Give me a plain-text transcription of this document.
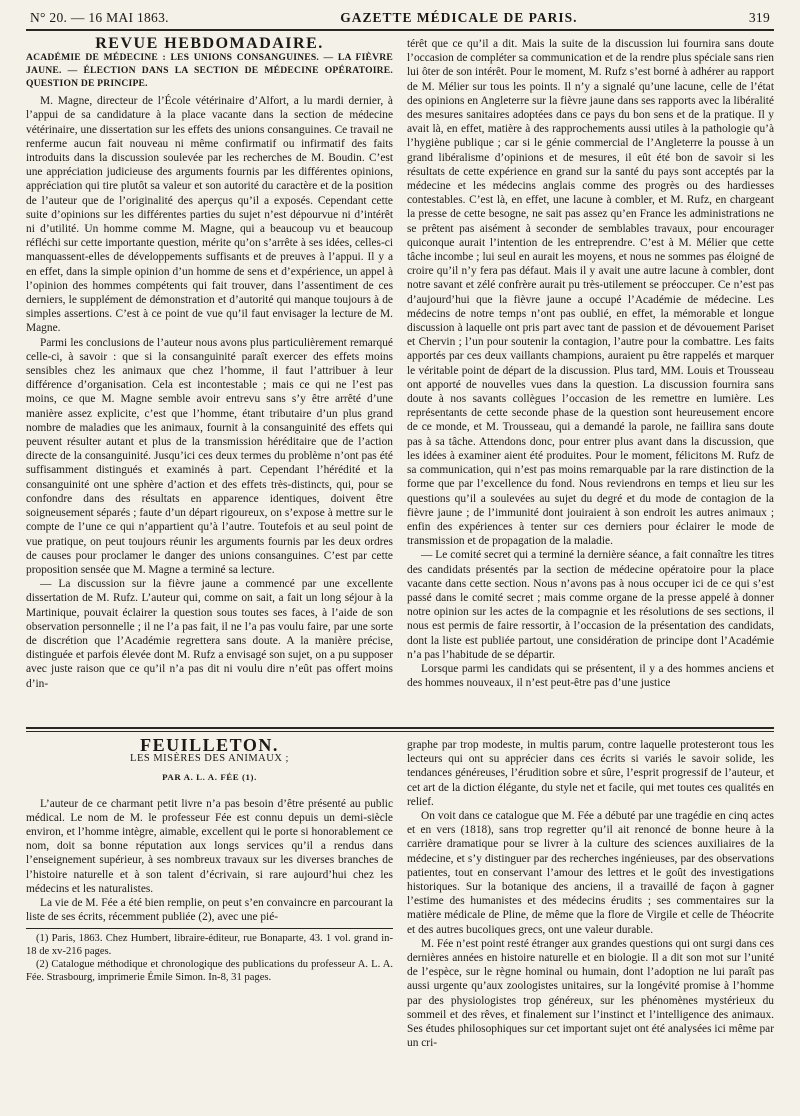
N° 20. — 16 MAI 1863.	GAZETTE MÉDICALE DE PARIS.	319

REVUE HEBDOMADAIRE.

ACADÉMIE DE MÉDECINE : LES UNIONS CONSANGUINES. — LA FIÈVRE JAUNE. — ÉLECTION DANS LA SECTION DE MÉDECINE OPÉRATOIRE. QUESTION DE PRINCIPE.

M. Magne, directeur de l’École vétérinaire d’Alfort, a lu mardi dernier, à l’appui de sa candidature à la place vacante dans la section de médecine vétérinaire, une dissertation sur les effets des unions consanguines. Ce travail ne renferme aucun fait nouveau ni même confirmatif ou infirmatif des faits introduits dans la discussion soulevée par les recherches de M. Boudin. C’est une appréciation judicieuse des arguments fournis par les différentes opinions, appréciation qui tire plutôt sa valeur et son autorité du caractère et de la position de l’auteur que de l’originalité des aperçus qu’il a exposés. Cependant cette suite d’opinions sur les différentes parties du sujet n’est dépourvue ni d’intérêt ni d’utilité. Un homme comme M. Magne, qui a beaucoup vu et beaucoup réfléchi sur cette importante question, mérite qu’on s’arrête à ses idées, celles-ci manquassent-elles de développements suffisants et de preuves à l’appui. Il y a en effet, dans la simple opinion d’un homme de sens et d’expérience, un appel à l’opinion des hommes compétents qui fait trouver, dans l’assentiment de ces derniers, le supplément de démonstration et d’autorité qui manque toujours à de simples assertions. C’est à ce point de vue qu’il faut envisager la lecture de M. Magne.

Parmi les conclusions de l’auteur nous avons plus particulièrement remarqué celle-ci, à savoir : que si la consanguinité paraît exercer des effets moins sensibles chez les animaux que chez l’homme, il faut l’attribuer à leur différence d’organisation. Cela est incontestable ; mais ce qui ne l’est pas moins, ce que M. Magne semble avoir entrevu sans s’y être arrêté d’une manière assez explicite, c’est que l’homme, étant tributaire d’un plus grand nombre de maladies que les animaux, fournit à la consanguinité des effets qui peuvent résulter autant et plus de la transmission héréditaire que de l’action directe de la consanguinité. Jusqu’ici ces deux termes du problème n’ont pas été suffisamment distingués et examinés à part. Cependant l’hérédité et la consanguinité ont une sphère d’action et des effets très-distincts, qui, pour se confondre dans des résultats en apparence identiques, doivent être soigneusement séparés ; faute d’un départ rigoureux, on s’expose à mettre sur le compte de l’une ce qui n’appartient qu’à l’autre. Toutefois et au seul point de vue pratique, on peut toujours réunir les arguments fournis par les deux ordres de causes pour proclamer le danger des unions consanguines. C’est par cette proposition sensée que M. Magne a terminé sa lecture.

— La discussion sur la fièvre jaune a commencé par une excellente dissertation de M. Rufz. L’auteur qui, comme on sait, a fait un long séjour à la Martinique, pouvait éclairer la question sous toutes ses faces, à l’aide de son observation personnelle ; il ne l’a pas fait, il ne l’a pas voulu faire, par une sorte de discrétion que l’Académie regrettera sans doute. A la manière précise, distinguée et parfois élevée dont M. Rufz a envisagé son sujet, on a pu supposer avec juste raison que ce qu’il n’a pas dit ni voulu dire n’eût pas offert moins d’in-

térêt que ce qu’il a dit. Mais la suite de la discussion lui fournira sans doute l’occasion de compléter sa communication et de la rendre plus spéciale sans rien lui ôter de son intérêt. Pour le moment, M. Rufz s’est borné à adhérer au rapport de M. Mélier sur tous les points. Il n’y a signalé qu’une lacune, celle de l’état des opinions en Angleterre sur la fièvre jaune dans ses rapports avec la libéralité des mesures sanitaires adoptées dans ce pays du bon sens et de la pratique. Il y avait là, en effet, matière à des rapprochements aussi utiles à la pathologie qu’à l’hygiène publique ; car si le génie commercial de l’Angleterre la pousse à un grand libéralisme d’opinions et de mesures, il eût été bon de savoir si les résultats de cette expérience en grand sur la santé du pays sont acceptés par la médecine et les médecins anglais comme des progrès ou des hardiesses contestables. C’est là, en effet, une lacune à combler, et M. Rufz, en chargeant la presse de cette besogne, ne sait pas assez qu’en France les administrations ne se prêtent pas aisément à seconder de semblables travaux, pour encourager quiconque aurait l’intention de les entreprendre. C’est à M. Mélier que cette tâche incombe ; lui seul en aurait les moyens, et nous ne sommes pas éloigné de croire qu’il n’y fera pas défaut. Mais il y avait une autre lacune à combler, dont notre savant et zélé confrère aurait pu très-utilement se préoccuper. Ce n’est pas d’aujourd’hui que la fièvre jaune a occupé l’Académie de médecine. Les médecins de notre temps n’ont pas oublié, en effet, la mémorable et longue discussion à laquelle ont pris part avec tant de passion et de dévouement Pariset et Chervin ; l’un pour soutenir la contagion, l’autre pour la combattre. Les faits apportés par ces deux vaillants champions, auraient pu être rappelés et marquer le véritable point de départ de la discussion. Plus tard, MM. Louis et Trousseau ont apporté de nouvelles vues dans la question. La discussion fournira sans doute à nos savants collègues l’occasion de les remettre en lumière. Les représentants de cette seconde phase de la question sont heureusement encore de ce monde, et M. Trousseau, qui a demandé la parole, ne faillira sans doute pas à sa tâche. Attendons donc, pour entrer plus avant dans la discussion, que les idées à examiner aient été produites. Pour le moment, félicitons M. Rufz de sa communication, qui n’est pas moins remarquable par la rare distinction de la forme que par l’excellence du fond. Nous reviendrons en temps et lieu sur les questions qu’il a soulevées au sujet du degré et du mode de contagion de la fièvre jaune ; de l’immunité dont jouiraient à son endroit les autres animaux ; enfin des expériences à tenter sur ces derniers pour éclairer le mode de transmission et de propagation de la maladie.

— Le comité secret qui a terminé la dernière séance, a fait connaître les titres des candidats présentés par la section de médecine opératoire pour la place vacante dans cette section. Nous n’avons pas à nous occuper ici de ce qui s’est passé dans le comité secret ; mais comme organe de la presse appelé à donner notre opinion sur les actes de la compagnie et les résolutions de ses sections, il nous est permis de faire ressortir, à l’occasion de la présentation des candidats, dont la liste est publiée partout, une considération de principe dont l’Académie n’a pas l’habitude de se départir.

Lorsque parmi les candidats qui se présentent, il y a des hommes anciens et des hommes nouveaux, il n’est peut-être pas d’une justice

FEUILLETON.

LES MISÈRES DES ANIMAUX ;

PAR A. L. A. FÉE (1).

L’auteur de ce charmant petit livre n’a pas besoin d’être présenté au public médical. Le nom de M. le professeur Fée est connu depuis un demi-siècle environ, et l’homme intègre, aimable, excellent qui le porte si honorablement ce nom, doit sa bonne réputation aux longs services qu’il a rendus dans l’enseignement supérieur, à ses nombreux travaux sur les diverses branches de l’histoire naturelle et à son talent d’écrivain, si rare aujourd’hui chez les médecins et les naturalistes.

La vie de M. Fée a été bien remplie, on peut s’en convaincre en parcourant la liste de ses écrits, récemment publiée (2), avec une pié-

(1) Paris, 1863. Chez Humbert, libraire-éditeur, rue Bonaparte, 43. 1 vol. grand in-18 de xv-216 pages.

(2) Catalogue méthodique et chronologique des publications du professeur A. L. A. Fée. Strasbourg, imprimerie Émile Simon. In-8, 31 pages.

graphe par trop modeste, in multis parum, contre laquelle protesteront tous les lecteurs qui ont su apprécier dans ces écrits si variés le savoir solide, les tendances généreuses, l’érudition sobre et sûre, l’esprit progressif de l’auteur, et cet art de la diction élégante, du style net et facile, qui met toutes ces qualités en relief.

On voit dans ce catalogue que M. Fée a débuté par une tragédie en cinq actes et en vers (1818), sans trop regretter qu’il ait renoncé de bonne heure à la carrière dramatique pour se livrer à la culture des sciences auxiliaires de la médecine, et s’y distinguer par des recherches ingénieuses, par des observations patientes, tout en conservant l’amour des lettres et le goût des investigations historiques. Sur la botanique des anciens, il a travaillé de façon à gagner l’estime des humanistes et des médecins érudits ; ses commentaires sur la matière médicale de Pline, de même que la flore de Virgile et celle de Théocrite et des autres bucoliques grecs, ont une valeur durable.

M. Fée n’est point resté étranger aux grandes questions qui ont surgi dans ces dernières années en histoire naturelle et en biologie. Il a dit son mot sur l’unité de l’espèce, sur le règne hominal ou humain, dont l’adoption ne lui paraît pas aussi urgente qu’aux zoologistes unitaires, sur la longévité promise à l’homme par des physiologistes trop généreux, sur les phénomènes mystérieux du sommeil et des rêves, et finalement sur l’instinct et l’intelligence des animaux. Ses études philosophiques sur cet important sujet ont été analysées ici même par un cri-
